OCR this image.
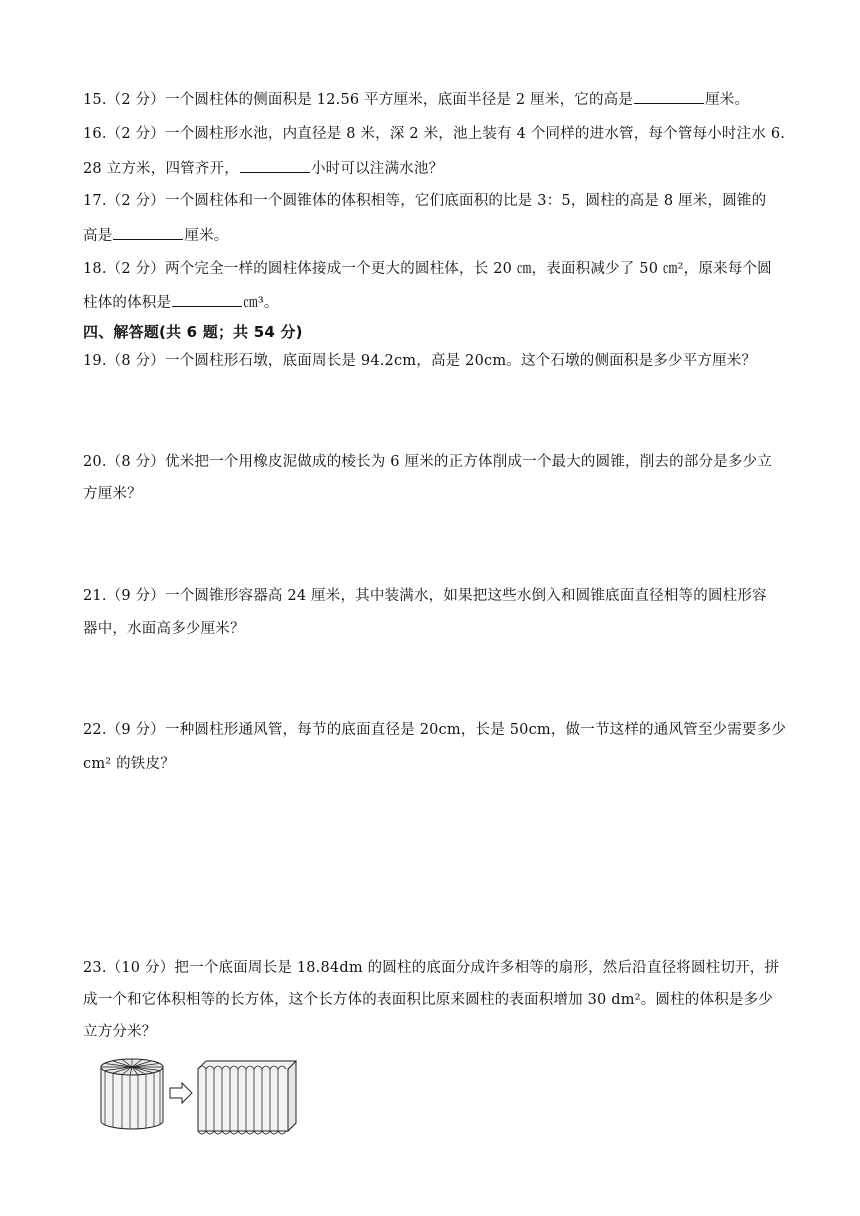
15.（2 分）一个圆柱体的侧面积是 12.56 平方厘米，底面半径是 2 厘米，它的高是	厘米。
16.（2 分）一个圆柱形水池，内直径是 8 米，深 2 米，池上装有 4 个同样的进水管，每个管每小时注水 6.
28 立方米，四管齐开，	小时可以注满水池？
17.（2 分）一个圆柱体和一个圆锥体的体积相等，它们底面积的比是 3：5，圆柱的高是 8 厘米，圆锥的
高是	厘米。
18.（2 分）两个完全一样的圆柱体接成一个更大的圆柱体，长 20 ㎝，表面积减少了 50 ㎝²，原来每个圆
柱体的体积是	㎝³。
四、解答题(共 6 题；共 54 分)
19.（8 分）一个圆柱形石墩，底面周长是 94.2cm，高是 20cm。这个石墩的侧面积是多少平方厘米？
20.（8 分）优米把一个用橡皮泥做成的棱长为 6 厘米的正方体削成一个最大的圆锥，削去的部分是多少立
方厘米？
21.（9 分）一个圆锥形容器高 24 厘米，其中装满水，如果把这些水倒入和圆锥底面直径相等的圆柱形容
器中，水面高多少厘米？
22.（9 分）一种圆柱形通风管，每节的底面直径是 20cm，长是 50cm，做一节这样的通风管至少需要多少
cm² 的铁皮？
23.（10 分）把一个底面周长是 18.84dm 的圆柱的底面分成许多相等的扇形，然后沿直径将圆柱切开，拼
成一个和它体积相等的长方体，这个长方体的表面积比原来圆柱的表面积增加 30 dm²。圆柱的体积是多少
立方分米？
